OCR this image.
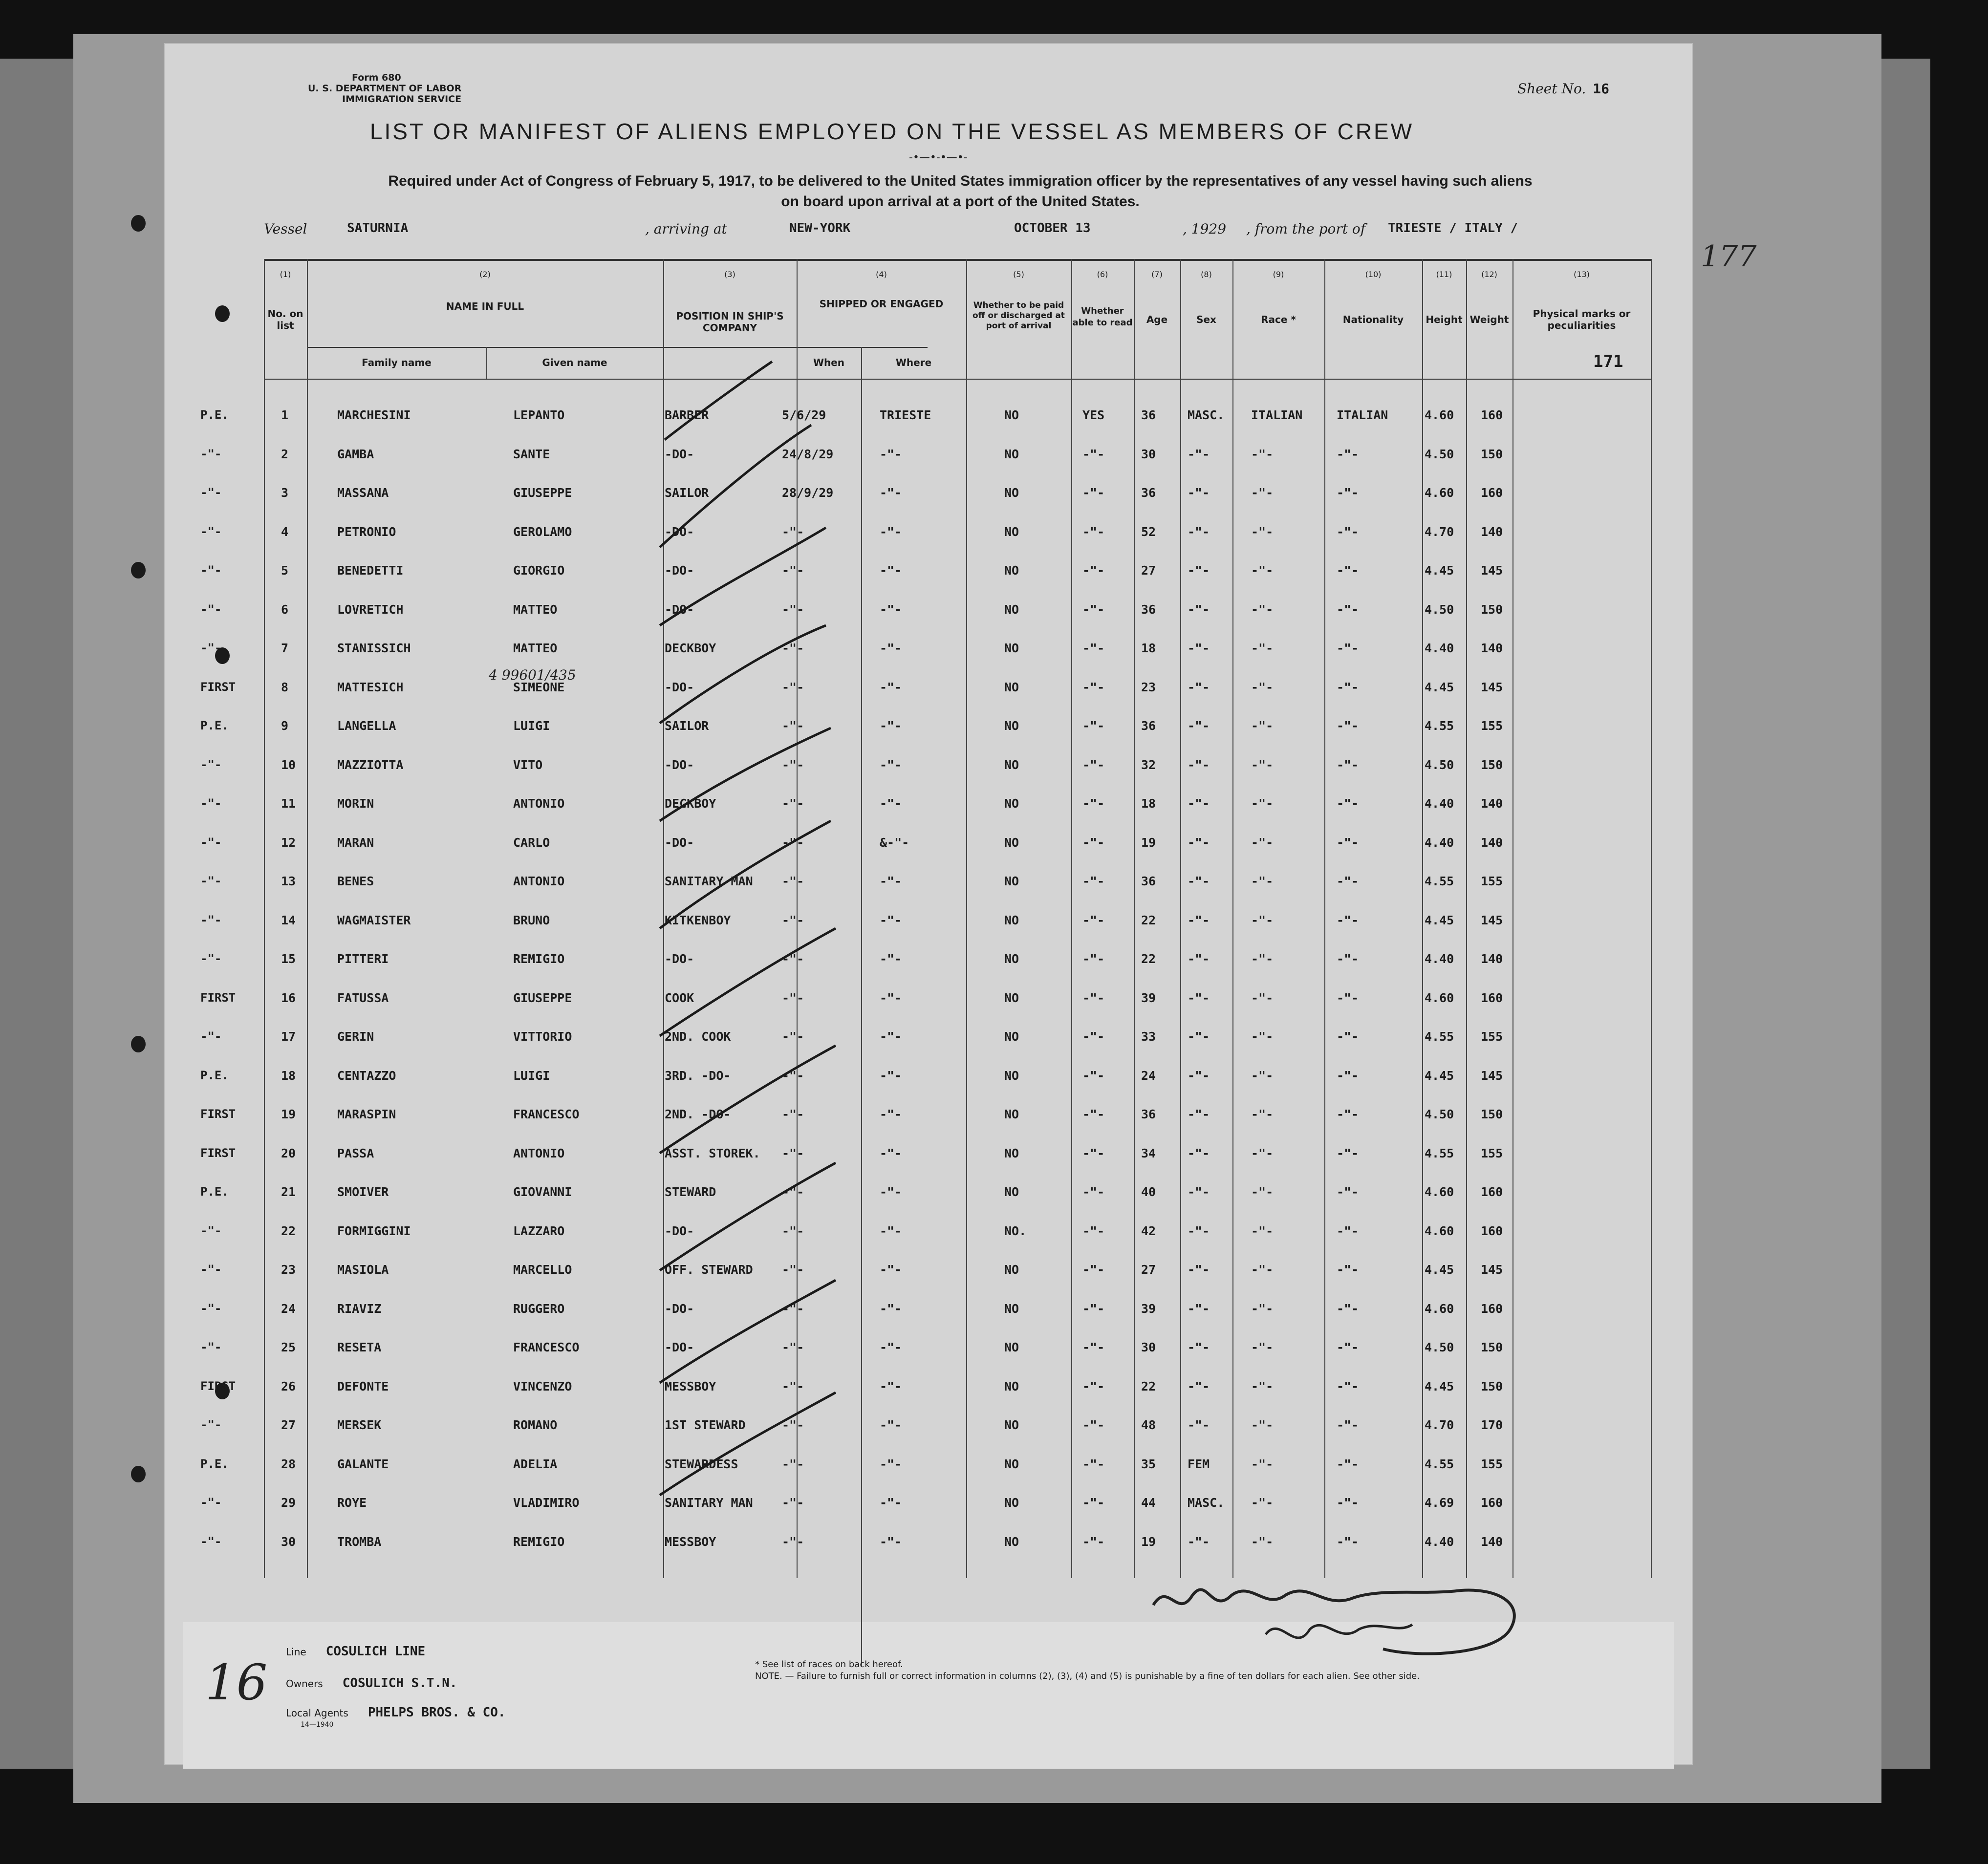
Form 680
U. S. DEPARTMENT OF LABOR
IMMIGRATION SERVICE
Sheet No. 16
LIST OR MANIFEST OF ALIENS EMPLOYED ON THE VESSEL AS MEMBERS OF CREW
-•—•-•—•-
Required under Act of Congress of February 5, 1917, to be delivered to the United States immigration officer by the representatives of any vessel having such aliens
on board upon arrival at a port of the United States.
Vessel	SATURNIA	, arriving at	NEW-YORK	OCTOBER 13	, 1929 , from the port of TRIESTE / ITALY /
(1)	(2)	(3)	(4)	(5)	(6)	(7)	(8)	(9)	(10)	(11)	(12)	(13)
No. on list
NAME IN FULL
Family name	Given name
POSITION IN SHIP'S COMPANY
SHIPPED OR ENGAGED
When	Where
Whether to be paid off or discharged at port of arrival
Whether able to read	Age	Sex	Race *	Nationality	Height Weight	Physical marks or peculiarities
171
177
4 99601/435
P.E.	1	MARCHESINI	LEPANTO	BARBER	5/6/29	TRIESTE	NO	YES	36	MASC. ITALIAN	ITALIAN	4.60 160
-"-	2	GAMBA	SANTE	-DO-	24/8/29	-"-	NO	-"-	30	-"-	-"-	-"-	4.50 150
-"-	3	MASSANA	GIUSEPPE	SAILOR	28/9/29	-"-	NO	-"-	36	-"-	-"-	-"-	4.60 160
-"-	4	PETRONIO	GEROLAMO	-DO-	-"-	-"-	NO	-"-	52	-"-	-"-	-"-	4.70 140
-"-	5	BENEDETTI	GIORGIO	-DO-	-"-	-"-	NO	-"-	27	-"-	-"-	-"-	4.45 145
-"-	6	LOVRETICH	MATTEO	-DO-	-"-	-"-	NO	-"-	36	-"-	-"-	-"-	4.50 150
-"-	7	STANISSICH	MATTEO	DECKBOY	-"-	-"-	NO	-"-	18	-"-	-"-	-"-	4.40 140
FIRST	8	MATTESICH	SIMEONE	-DO-	-"-	-"-	NO	-"-	23	-"-	-"-	-"-	4.45 145
P.E.	9	LANGELLA	LUIGI	SAILOR	-"-	-"-	NO	-"-	36	-"-	-"-	-"-	4.55 155
-"-	10	MAZZIOTTA	VITO	-DO-	-"-	-"-	NO	-"-	32	-"-	-"-	-"-	4.50 150
-"-	11	MORIN	ANTONIO	DECKBOY	-"-	-"-	NO	-"-	18	-"-	-"-	-"-	4.40 140
-"-	12	MARAN	CARLO	-DO-	-"-	&-"-	NO	-"-	19	-"-	-"-	-"-	4.40 140
-"-	13	BENES	ANTONIO	SANITARY MAN -"-	-"-	NO	-"-	36	-"-	-"-	-"-	4.55 155
-"-	14	WAGMAISTER	BRUNO	KITKENBOY	-"-	-"-	NO	-"-	22	-"-	-"-	-"-	4.45 145
-"-	15	PITTERI	REMIGIO	-DO-	-"-	-"-	NO	-"-	22	-"-	-"-	-"-	4.40 140
FIRST	16	FATUSSA	GIUSEPPE	COOK	-"-	-"-	NO	-"-	39	-"-	-"-	-"-	4.60 160
-"-	17	GERIN	VITTORIO	2ND. COOK	-"-	-"-	NO	-"-	33	-"-	-"-	-"-	4.55 155
P.E.	18	CENTAZZO	LUIGI	3RD. -DO-	-"-	-"-	NO	-"-	24	-"-	-"-	-"-	4.45 145
FIRST	19	MARASPIN	FRANCESCO	2ND. -DO-	-"-	-"-	NO	-"-	36	-"-	-"-	-"-	4.50 150
FIRST	20	PASSA	ANTONIO	ASST. STOREK. -"-	-"-	NO	-"-	34	-"-	-"-	-"-	4.55 155
P.E.	21	SMOIVER	GIOVANNI	STEWARD	-"-	-"-	NO	-"-	40	-"-	-"-	-"-	4.60 160
-"-	22	FORMIGGINI	LAZZARO	-DO-	-"-	-"-	NO.	-"-	42	-"-	-"-	-"-	4.60 160
-"-	23	MASIOLA	MARCELLO	OFF. STEWARD -"-	-"-	NO	-"-	27	-"-	-"-	-"-	4.45 145
-"-	24	RIAVIZ	RUGGERO	-DO-	-"-	-"-	NO	-"-	39	-"-	-"-	-"-	4.60 160
-"-	25	RESETA	FRANCESCO	-DO-	-"-	-"-	NO	-"-	30	-"-	-"-	-"-	4.50 150
FIRST	26	DEFONTE	VINCENZO	MESSBOY	-"-	-"-	NO	-"-	22	-"-	-"-	-"-	4.45 150
-"-	27	MERSEK	ROMANO	1ST STEWARD	-"-	-"-	NO	-"-	48	-"-	-"-	-"-	4.70 170
P.E.	28	GALANTE	ADELIA	STEWARDESS	-"-	-"-	NO	-"-	35	FEM	-"-	-"-	4.55 155
-"-	29	ROYE	VLADIMIRO	SANITARY MAN -"-	-"-	NO	-"-	44	MASC. -"-	-"-	4.69 160
-"-	30	TROMBA	REMIGIO	MESSBOY	-"-	-"-	NO	-"-	19	-"-	-"-	-"-	4.40 140
Line COSULICH LINE
Owners COSULICH S.T.N.
Local Agents PHELPS BROS. & CO.
14—1940
* See list of races on back hereof.
NOTE. — Failure to furnish full or correct information in columns (2), (3), (4) and (5) is punishable by a fine of ten dollars for each alien. See other side.
16
